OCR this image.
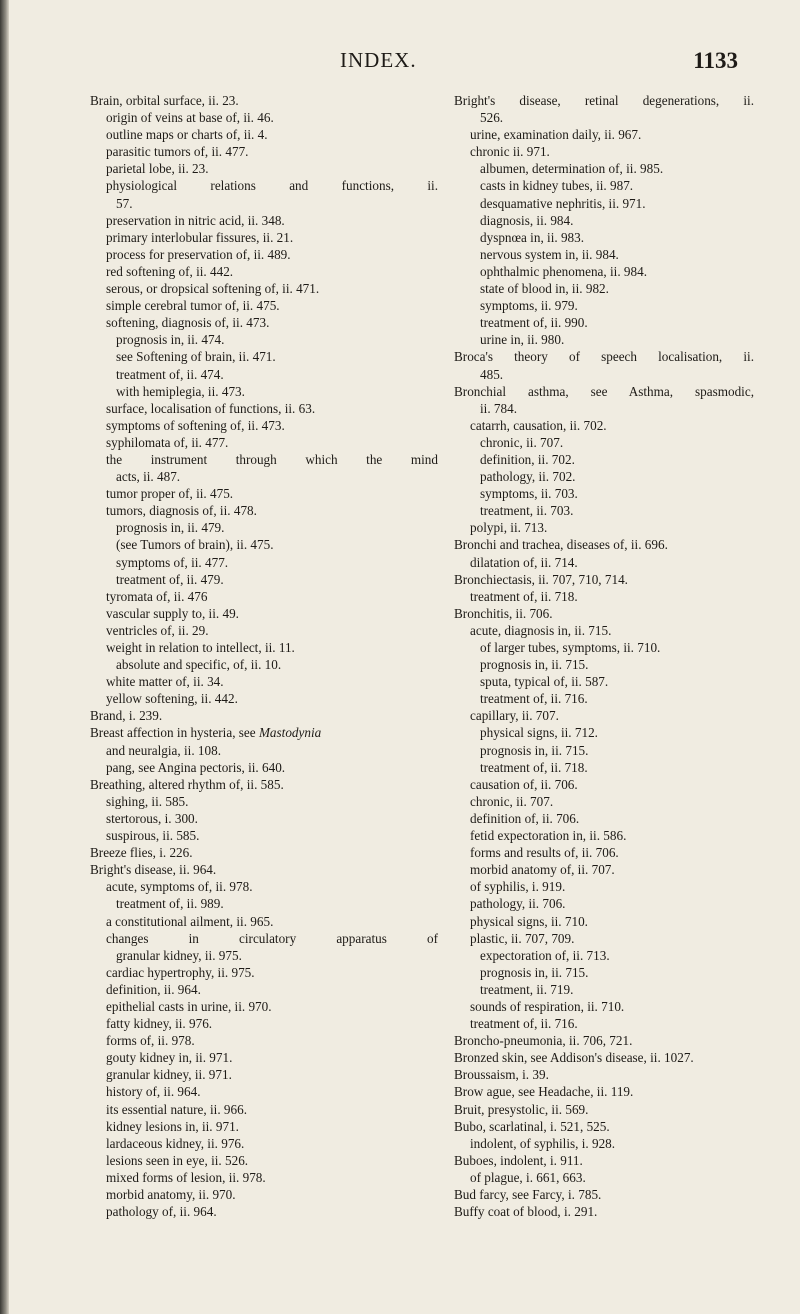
INDEX.	1133
Brain, orbital surface, ii. 23.
origin of veins at base of, ii. 46.
outline maps or charts of, ii. 4.
parasitic tumors of, ii. 477.
parietal lobe, ii. 23.
physiological relations and functions, ii.
57.
preservation in nitric acid, ii. 348.
primary interlobular fissures, ii. 21.
process for preservation of, ii. 489.
red softening of, ii. 442.
serous, or dropsical softening of, ii. 471.
simple cerebral tumor of, ii. 475.
softening, diagnosis of, ii. 473.
prognosis in, ii. 474.
see Softening of brain, ii. 471.
treatment of, ii. 474.
with hemiplegia, ii. 473.
surface, localisation of functions, ii. 63.
symptoms of softening of, ii. 473.
syphilomata of, ii. 477.
the instrument through which the mind
acts, ii. 487.
tumor proper of, ii. 475.
tumors, diagnosis of, ii. 478.
prognosis in, ii. 479.
(see Tumors of brain), ii. 475.
symptoms of, ii. 477.
treatment of, ii. 479.
tyromata of, ii. 476
vascular supply to, ii. 49.
ventricles of, ii. 29.
weight in relation to intellect, ii. 11.
absolute and specific, of, ii. 10.
white matter of, ii. 34.
yellow softening, ii. 442.
Brand, i. 239.
Breast affection in hysteria, see Mastodynia
and neuralgia, ii. 108.
pang, see Angina pectoris, ii. 640.
Breathing, altered rhythm of, ii. 585.
sighing, ii. 585.
stertorous, i. 300.
suspirous, ii. 585.
Breeze flies, i. 226.
Bright's disease, ii. 964.
acute, symptoms of, ii. 978.
treatment of, ii. 989.
a constitutional ailment, ii. 965.
changes in circulatory apparatus of
granular kidney, ii. 975.
cardiac hypertrophy, ii. 975.
definition, ii. 964.
epithelial casts in urine, ii. 970.
fatty kidney, ii. 976.
forms of, ii. 978.
gouty kidney in, ii. 971.
granular kidney, ii. 971.
history of, ii. 964.
its essential nature, ii. 966.
kidney lesions in, ii. 971.
lardaceous kidney, ii. 976.
lesions seen in eye, ii. 526.
mixed forms of lesion, ii. 978.
morbid anatomy, ii. 970.
pathology of, ii. 964.
Bright's disease, retinal degenerations, ii.
526.
urine, examination daily, ii. 967.
chronic ii. 971.
albumen, determination of, ii. 985.
casts in kidney tubes, ii. 987.
desquamative nephritis, ii. 971.
diagnosis, ii. 984.
dyspnœa in, ii. 983.
nervous system in, ii. 984.
ophthalmic phenomena, ii. 984.
state of blood in, ii. 982.
symptoms, ii. 979.
treatment of, ii. 990.
urine in, ii. 980.
Broca's theory of speech localisation, ii.
485.
Bronchial asthma, see Asthma, spasmodic,
ii. 784.
catarrh, causation, ii. 702.
chronic, ii. 707.
definition, ii. 702.
pathology, ii. 702.
symptoms, ii. 703.
treatment, ii. 703.
polypi, ii. 713.
Bronchi and trachea, diseases of, ii. 696.
dilatation of, ii. 714.
Bronchiectasis, ii. 707, 710, 714.
treatment of, ii. 718.
Bronchitis, ii. 706.
acute, diagnosis in, ii. 715.
of larger tubes, symptoms, ii. 710.
prognosis in, ii. 715.
sputa, typical of, ii. 587.
treatment of, ii. 716.
capillary, ii. 707.
physical signs, ii. 712.
prognosis in, ii. 715.
treatment of, ii. 718.
causation of, ii. 706.
chronic, ii. 707.
definition of, ii. 706.
fetid expectoration in, ii. 586.
forms and results of, ii. 706.
morbid anatomy of, ii. 707.
of syphilis, i. 919.
pathology, ii. 706.
physical signs, ii. 710.
plastic, ii. 707, 709.
expectoration of, ii. 713.
prognosis in, ii. 715.
treatment, ii. 719.
sounds of respiration, ii. 710.
treatment of, ii. 716.
Broncho-pneumonia, ii. 706, 721.
Bronzed skin, see Addison's disease, ii. 1027.
Broussaism, i. 39.
Brow ague, see Headache, ii. 119.
Bruit, presystolic, ii. 569.
Bubo, scarlatinal, i. 521, 525.
indolent, of syphilis, i. 928.
Buboes, indolent, i. 911.
of plague, i. 661, 663.
Bud farcy, see Farcy, i. 785.
Buffy coat of blood, i. 291.
